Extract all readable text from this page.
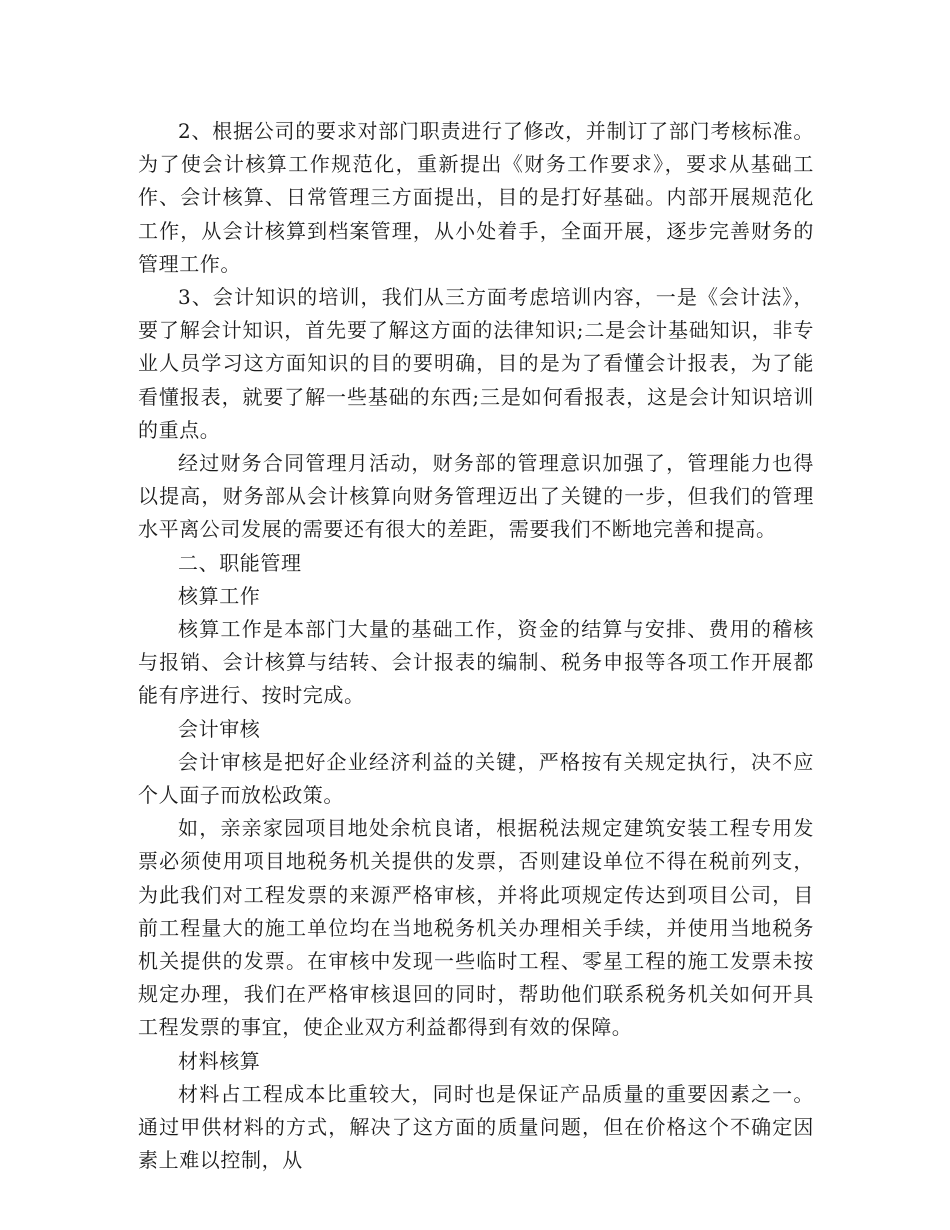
2、根据公司的要求对部门职责进行了修改，并制订了部门考核标准。为了使会计核算工作规范化，重新提出《财务工作要求》，要求从基础工作、会计核算、日常管理三方面提出，目的是打好基础。内部开展规范化工作，从会计核算到档案管理，从小处着手，全面开展，逐步完善财务的管理工作。

3、会计知识的培训，我们从三方面考虑培训内容，一是《会计法》，要了解会计知识，首先要了解这方面的法律知识;二是会计基础知识，非专业人员学习这方面知识的目的要明确，目的是为了看懂会计报表，为了能看懂报表，就要了解一些基础的东西;三是如何看报表，这是会计知识培训的重点。

经过财务合同管理月活动，财务部的管理意识加强了，管理能力也得以提高，财务部从会计核算向财务管理迈出了关键的一步，但我们的管理水平离公司发展的需要还有很大的差距，需要我们不断地完善和提高。

二、职能管理

核算工作

核算工作是本部门大量的基础工作，资金的结算与安排、费用的稽核与报销、会计核算与结转、会计报表的编制、税务申报等各项工作开展都能有序进行、按时完成。

会计审核

会计审核是把好企业经济利益的关键，严格按有关规定执行，决不应个人面子而放松政策。

如，亲亲家园项目地处余杭良诸，根据税法规定建筑安装工程专用发票必须使用项目地税务机关提供的发票，否则建设单位不得在税前列支，为此我们对工程发票的来源严格审核，并将此项规定传达到项目公司，目前工程量大的施工单位均在当地税务机关办理相关手续，并使用当地税务机关提供的发票。在审核中发现一些临时工程、零星工程的施工发票未按规定办理，我们在严格审核退回的同时，帮助他们联系税务机关如何开具工程发票的事宜，使企业双方利益都得到有效的保障。

材料核算

材料占工程成本比重较大，同时也是保证产品质量的重要因素之一。通过甲供材料的方式，解决了这方面的质量问题，但在价格这个不确定因素上难以控制，从
